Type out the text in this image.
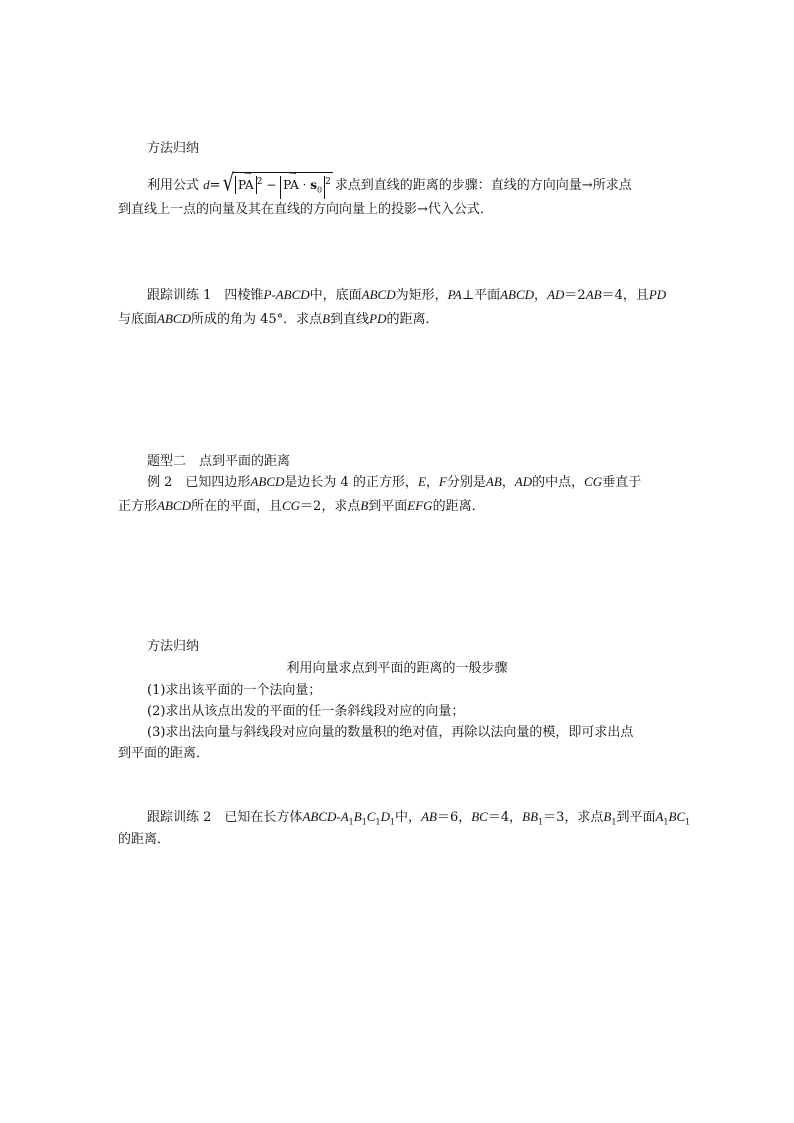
方法归纳
利用公式 d= √→ PA $^2$ − → PA · $s_0^2$ 求点到直线的距离的步骤：直线的方向向量→所求点
到直线上一点的向量及其在直线的方向向量上的投影→代入公式．
跟踪训练 1　 四棱锥P-ABCD中，底面ABCD为矩形，PA⊥平面ABCD，AD＝2AB＝4，且PD
与底面ABCD所成的角为 45°．求点B到直线PD的距离．
题型二　点到平面的距离
例 2　 已知四边形ABCD是边长为 4 的正方形，E，F分别是AB，AD的中点，CG垂直于
正方形ABCD所在的平面，且CG＝2，求点B到平面EFG的距离．
方法归纳
利用向量求点到平面的距离的一般步骤
(1)求出该平面的一个法向量；
(2)求出从该点出发的平面的任一条斜线段对应的向量；
(3)求出法向量与斜线段对应向量的数量积的绝对值，再除以法向量的模，即可求出点
到平面的距离．
跟踪训练 2　 已知在长方体ABCD-$A_1B_1C_1D_1$中，AB＝6，BC＝4，$BB_1=3$，求点$B_1$到平面$A_1BC_1$
的距离．
